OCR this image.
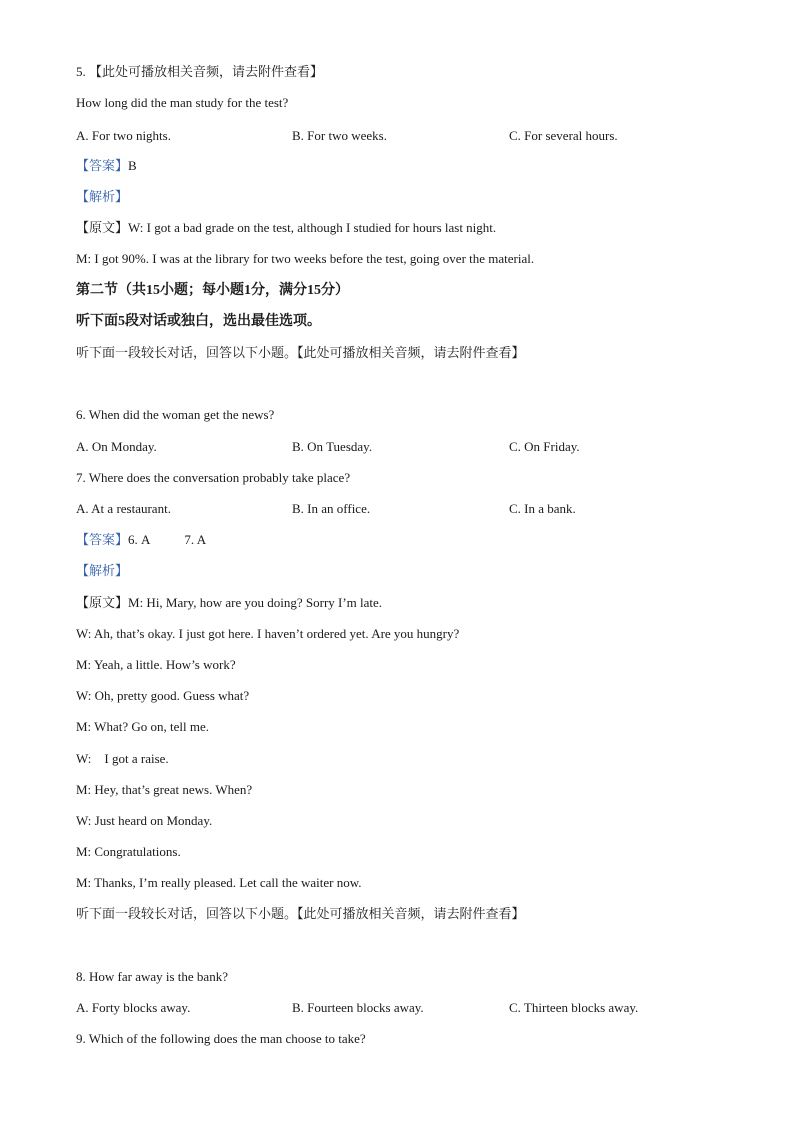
5. 【此处可播放相关音频，请去附件查看】
How long did the man study for the test?
A. For two nights.	B. For two weeks.	C. For several hours.
【答案】B
【解析】
【原文】W: I got a bad grade on the test, although I studied for hours last night.
M: I got 90%. I was at the library for two weeks before the test, going over the material.
第二节（共15小题；每小题1分，满分15分）
听下面5段对话或独白，选出最佳选项。
听下面一段较长对话，回答以下小题。【此处可播放相关音频，请去附件查看】
6. When did the woman get the news?
A. On Monday.	B. On Tuesday.	C. On Friday.
7. Where does the conversation probably take place?
A. At a restaurant.	B. In an office.	C. In a bank.
【答案】6. A	7. A
【解析】
【原文】M: Hi, Mary, how are you doing? Sorry I’m late.
W: Ah, that’s okay. I just got here. I haven’t ordered yet. Are you hungry?
M: Yeah, a little. How’s work?
W: Oh, pretty good. Guess what?
M: What? Go on, tell me.
W:    I got a raise.
M: Hey, that’s great news. When?
W: Just heard on Monday.
M: Congratulations.
M: Thanks, I’m really pleased. Let call the waiter now.
听下面一段较长对话，回答以下小题。【此处可播放相关音频，请去附件查看】
8. How far away is the bank?
A. Forty blocks away.	B. Fourteen blocks away.	C. Thirteen blocks away.
9. Which of the following does the man choose to take?
